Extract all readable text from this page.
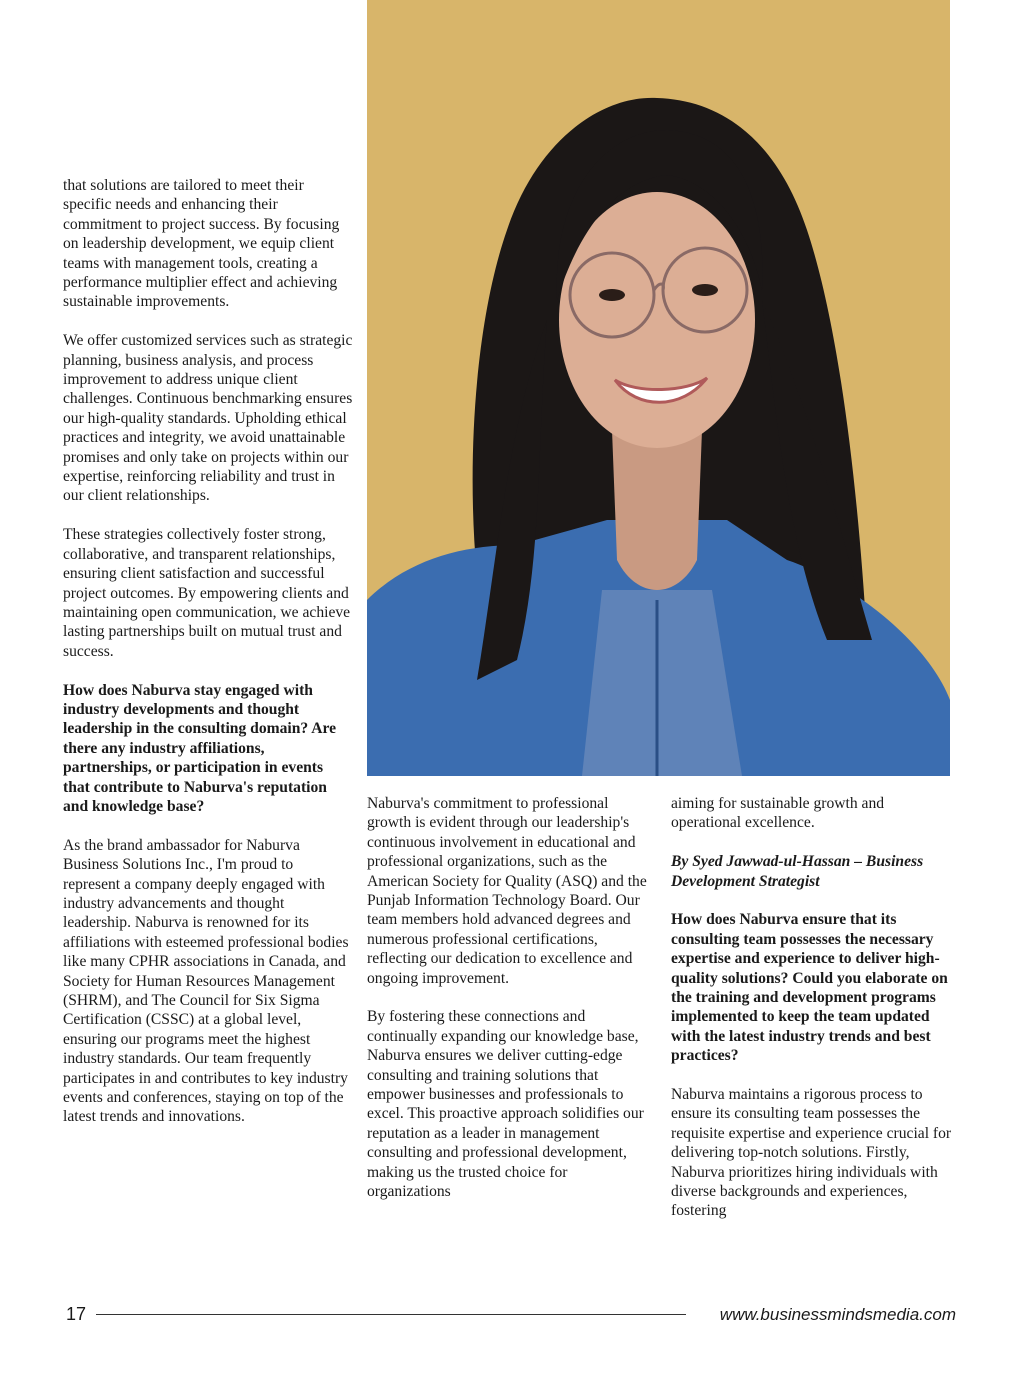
that solutions are tailored to meet their specific needs and enhancing their commitment to project success. By focusing on leadership development, we equip client teams with management tools, creating a performance multiplier effect and achieving sustainable improvements.

We offer customized services such as strategic planning, business analysis, and process improvement to address unique client challenges. Continuous benchmarking ensures our high-quality standards. Upholding ethical practices and integrity, we avoid unattainable promises and only take on projects within our expertise, reinforcing reliability and trust in our client relationships.

These strategies collectively foster strong, collaborative, and transparent relationships, ensuring client satisfaction and successful project outcomes. By empowering clients and maintaining open communication, we achieve lasting partnerships built on mutual trust and success.

How does Naburva stay engaged with industry developments and thought leadership in the consulting domain? Are there any industry affiliations, partnerships, or participation in events that contribute to Naburva's reputation and knowledge base?

As the brand ambassador for Naburva Business Solutions Inc., I'm proud to represent a company deeply engaged with industry advancements and thought leadership. Naburva is renowned for its affiliations with esteemed professional bodies like many CPHR associations in Canada, and Society for Human Resources Management (SHRM), and The Council for Six Sigma Certification (CSSC) at a global level, ensuring our programs meet the highest industry standards. Our team frequently participates in and contributes to key industry events and conferences, staying on top of the latest trends and innovations.

Naburva's commitment to professional growth is evident through our leadership's continuous involvement in educational and professional organizations, such as the American Society for Quality (ASQ) and the Punjab Information Technology Board. Our team members hold advanced degrees and numerous professional certifications, reflecting our dedication to excellence and ongoing improvement.

By fostering these connections and continually expanding our knowledge base, Naburva ensures we deliver cutting-edge consulting and training solutions that empower businesses and professionals to excel. This proactive approach solidifies our reputation as a leader in management consulting and professional development, making us the trusted choice for organizations

aiming for sustainable growth and operational excellence.

By Syed Jawwad-ul-Hassan – Business Development Strategist

How does Naburva ensure that its consulting team possesses the necessary expertise and experience to deliver high-quality solutions? Could you elaborate on the training and development programs implemented to keep the team updated with the latest industry trends and best practices?

Naburva maintains a rigorous process to ensure its consulting team possesses the requisite expertise and experience crucial for delivering top-notch solutions. Firstly, Naburva prioritizes hiring individuals with diverse backgrounds and experiences, fostering

17	www.businessmindsmedia.com
